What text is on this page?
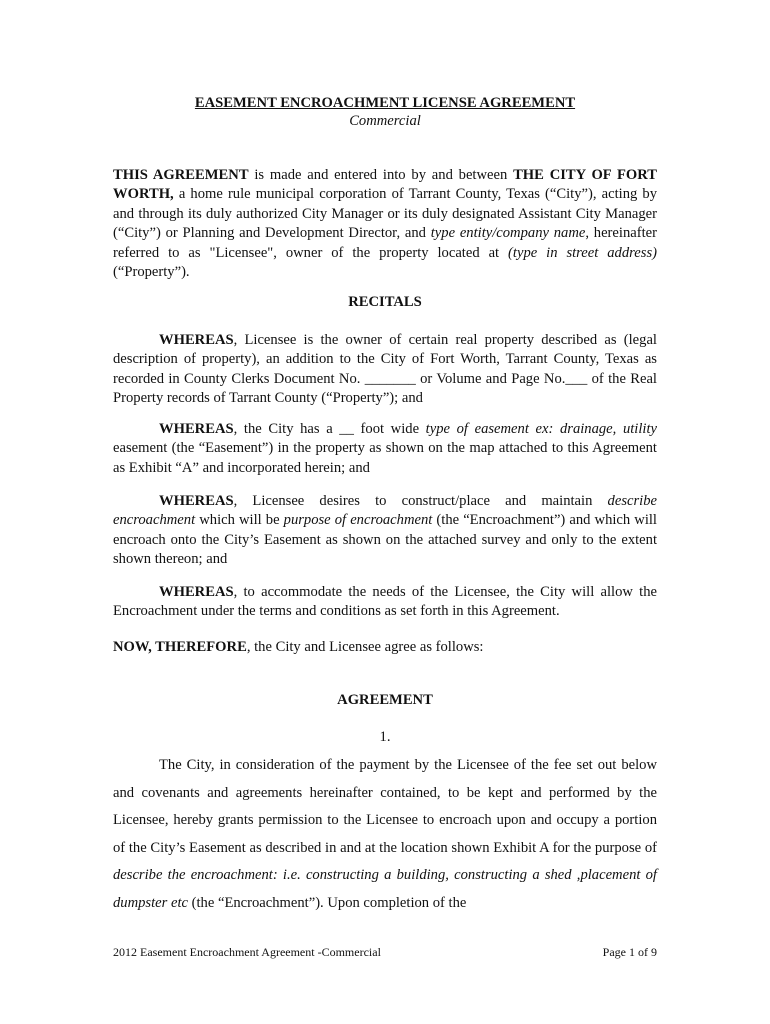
EASEMENT ENCROACHMENT LICENSE AGREEMENT

Commercial

THIS AGREEMENT is made and entered into by and between THE CITY OF FORT WORTH, a home rule municipal corporation of Tarrant County, Texas (“City”), acting by and through its duly authorized City Manager or its duly designated Assistant City Manager (“City”) or Planning and Development Director, and type entity/company name, hereinafter referred to as "Licensee", owner of the property located at (type in street address) (“Property”).

RECITALS

WHEREAS, Licensee is the owner of certain real property described as (legal description of property), an addition to the City of Fort Worth, Tarrant County, Texas as recorded in County Clerks Document No. _______ or Volume and Page No.___ of the Real Property records of Tarrant County (“Property”); and

WHEREAS, the City has a __ foot wide type of easement ex: drainage, utility easement (the “Easement”) in the property as shown on the map attached to this Agreement as Exhibit “A” and incorporated herein; and

WHEREAS, Licensee desires to construct/place and maintain describe encroachment which will be purpose of encroachment (the “Encroachment”) and which will encroach onto the City’s Easement as shown on the attached survey and only to the extent shown thereon; and

WHEREAS, to accommodate the needs of the Licensee, the City will allow the Encroachment under the terms and conditions as set forth in this Agreement.

NOW, THEREFORE, the City and Licensee agree as follows:

AGREEMENT

1.

The City, in consideration of the payment by the Licensee of the fee set out below and covenants and agreements hereinafter contained, to be kept and performed by the Licensee, hereby grants permission to the Licensee to encroach upon and occupy a portion of the City’s Easement as described in and at the location shown Exhibit A for the purpose of describe the encroachment: i.e. constructing a building, constructing a shed ,placement of dumpster etc (the “Encroachment”). Upon completion of the

2012 Easement Encroachment Agreement -Commercial	Page 1 of 9
